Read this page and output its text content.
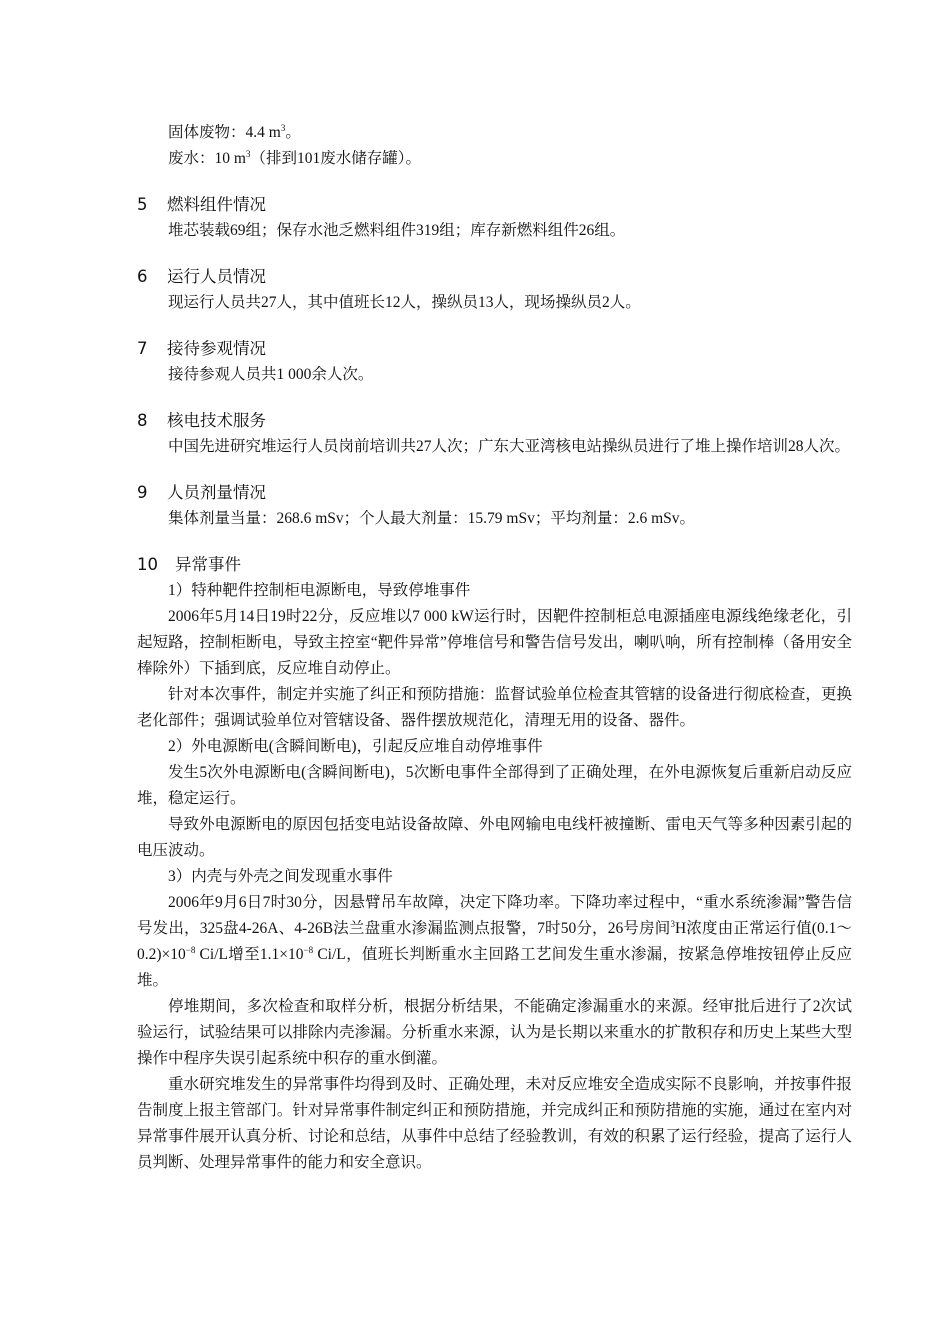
固体废物：4.4 $m^3$。

废水：10 $m^3$（排到101废水储存罐）。

5 燃料组件情况

堆芯装载69组；保存水池乏燃料组件319组；库存新燃料组件26组。

6 运行人员情况

现运行人员共27人，其中值班长12人，操纵员13人，现场操纵员2人。

7 接待参观情况

接待参观人员共1 000余人次。

8 核电技术服务

中国先进研究堆运行人员岗前培训共27人次；广东大亚湾核电站操纵员进行了堆上操作培训28人次。

9 人员剂量情况

集体剂量当量：268.6 mSv；个人最大剂量：15.79 mSv；平均剂量：2.6 mSv。

10 异常事件

1）特种靶件控制柜电源断电，导致停堆事件

2006年5月14日19时22分，反应堆以7 000 kW运行时，因靶件控制柜总电源插座电源线绝缘老化，引起短路，控制柜断电，导致主控室“靶件异常”停堆信号和警告信号发出，喇叭响，所有控制棒（备用安全棒除外）下插到底，反应堆自动停止。

针对本次事件，制定并实施了纠正和预防措施：监督试验单位检查其管辖的设备进行彻底检查，更换老化部件；强调试验单位对管辖设备、器件摆放规范化，清理无用的设备、器件。

2）外电源断电(含瞬间断电)，引起反应堆自动停堆事件

发生5次外电源断电(含瞬间断电)，5次断电事件全部得到了正确处理，在外电源恢复后重新启动反应堆，稳定运行。

导致外电源断电的原因包括变电站设备故障、外电网输电电线杆被撞断、雷电天气等多种因素引起的电压波动。

3）内壳与外壳之间发现重水事件

2006年9月6日7时30分，因悬臂吊车故障，决定下降功率。下降功率过程中，“重水系统渗漏”警告信号发出，325盘4-26A、4-26B法兰盘重水渗漏监测点报警，7时50分，26号房间$^3$H浓度由正常运行值$(0.1\sim 0.2)\times 10^{-8}$ Ci/L增至$1.1\times 10^{-8}$ Ci/L，值班长判断重水主回路工艺间发生重水渗漏，按紧急停堆按钮停止反应堆。

停堆期间，多次检查和取样分析，根据分析结果，不能确定渗漏重水的来源。经审批后进行了2次试验运行，试验结果可以排除内壳渗漏。分析重水来源，认为是长期以来重水的扩散积存和历史上某些大型操作中程序失误引起系统中积存的重水倒灌。

重水研究堆发生的异常事件均得到及时、正确处理，未对反应堆安全造成实际不良影响，并按事件报告制度上报主管部门。针对异常事件制定纠正和预防措施，并完成纠正和预防措施的实施，通过在室内对异常事件展开认真分析、讨论和总结，从事件中总结了经验教训，有效的积累了运行经验，提高了运行人员判断、处理异常事件的能力和安全意识。
